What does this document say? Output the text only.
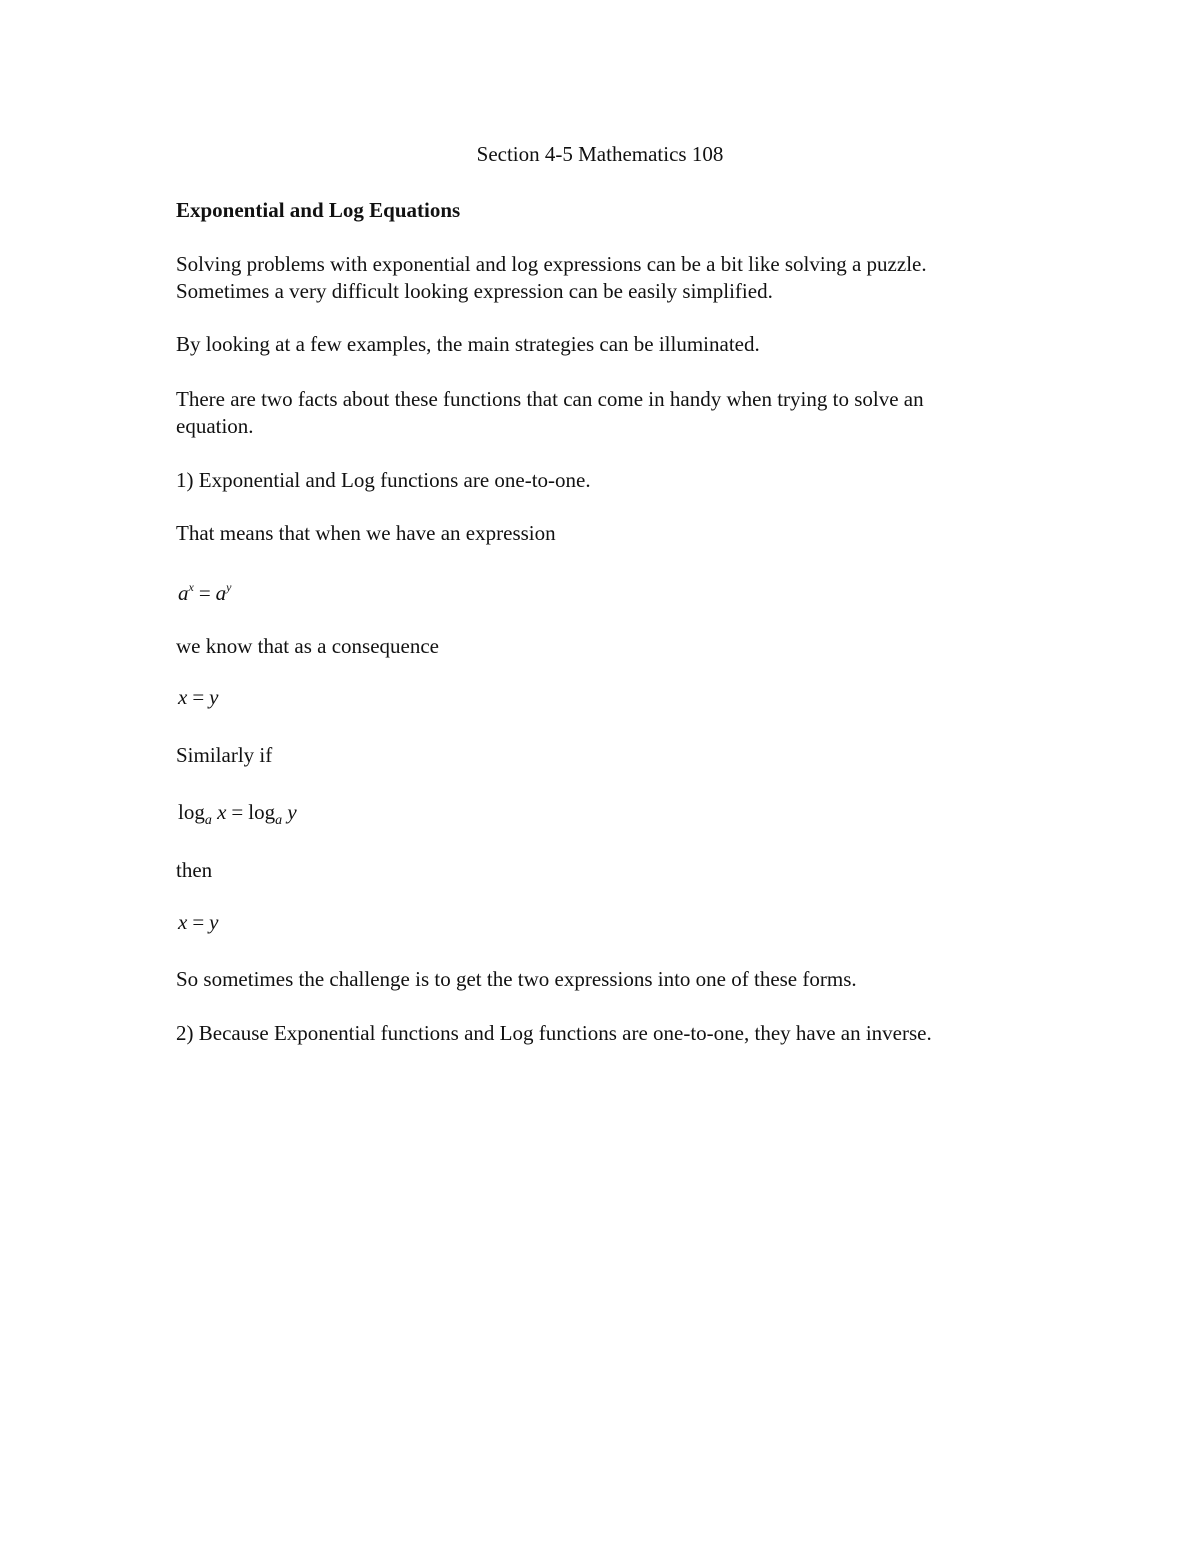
Section 4-5 Mathematics 108
Exponential and Log Equations
Solving problems with exponential and log expressions can be a bit like solving a puzzle.
Sometimes a very difficult looking expression can be easily simplified.
By looking at a few examples, the main strategies can be illuminated.
There are two facts about these functions that can come in handy when trying to solve an
equation.
1) Exponential and Log functions are one-to-one.
That means that when we have an expression
$a^x = a^y$
we know that as a consequence
x = y
Similarly if
$\log_a x = \log_a y$
then
x = y
So sometimes the challenge is to get the two expressions into one of these forms.
2) Because Exponential functions and Log functions are one-to-one, they have an inverse.
